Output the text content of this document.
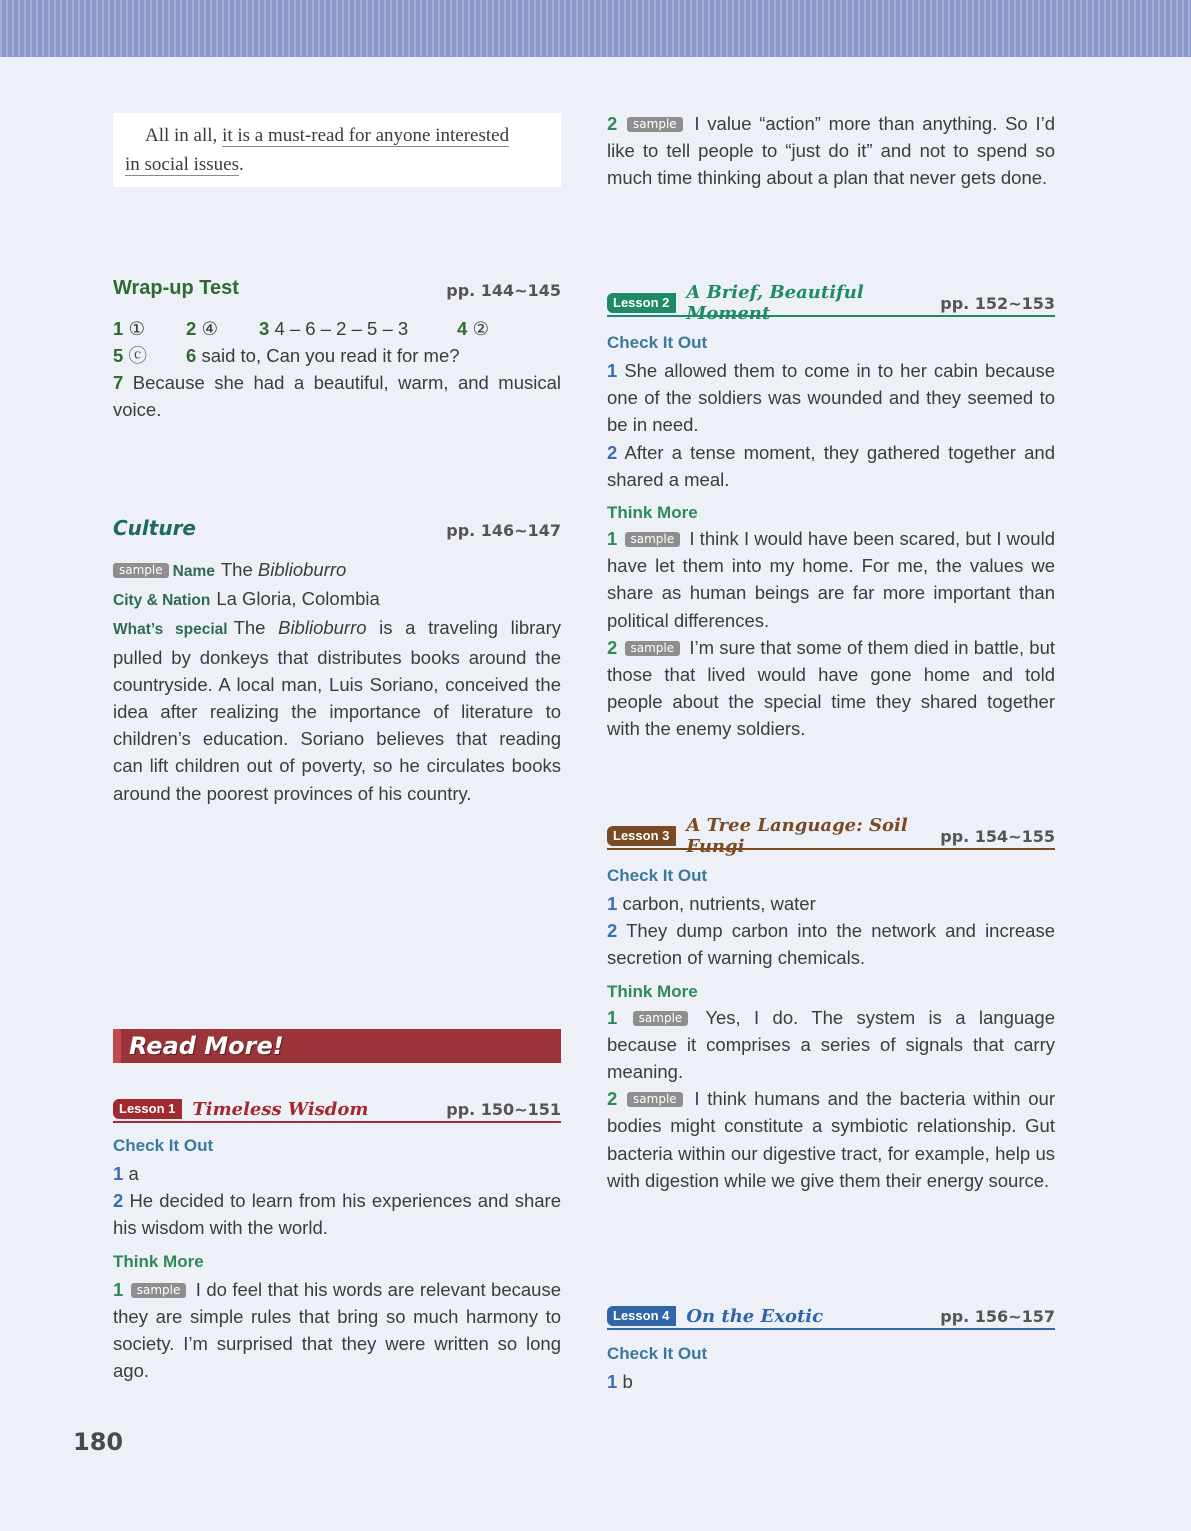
All in all, it is a must-read for anyone interested
in social issues.

2 sample I value “action” more than anything. So I’d like to tell people to “just do it” and not to spend so much time thinking about a plan that never gets done.

Wrap-up Test	pp. 144~145
1 ① 2 ④ 3 4 – 6 – 2 – 5 – 3	4 ②
5 ⓒ 6 said to, Can you read it for me?

7 Because she had a beautiful, warm, and musical voice.

Culture	pp. 146~147

sample Name The Biblioburro

City & Nation La Gloria, Colombia

What’s special The Biblioburro is a traveling library pulled by donkeys that distributes books around the countryside. A local man, Luis Soriano, conceived the idea after realizing the importance of literature to children’s education. Soriano believes that reading can lift children out of poverty, so he circulates books around the poorest provinces of his country.

Read More!
Lesson 1 Timeless Wisdom	pp. 150~151

Check It Out

1 a

2 He decided to learn from his experiences and share his wisdom with the world.

Think More

1 sample I do feel that his words are relevant because they are simple rules that bring so much harmony to society. I’m surprised that they were written so long ago.

Lesson 2 A Brief, Beautiful Moment	pp. 152~153

Check It Out

1 She allowed them to come in to her cabin because one of the soldiers was wounded and they seemed to be in need.

2 After a tense moment, they gathered together and shared a meal.

Think More

1 sample I think I would have been scared, but I would have let them into my home. For me, the values we share as human beings are far more important than political differences.

2 sample I’m sure that some of them died in battle, but those that lived would have gone home and told people about the special time they shared together with the enemy soldiers.

Lesson 3 A Tree Language: Soil Fungi	pp. 154~155

Check It Out

1 carbon, nutrients, water

2 They dump carbon into the network and increase secretion of warning chemicals.

Think More

1 sample Yes, I do. The system is a language because it comprises a series of signals that carry meaning.

2 sample I think humans and the bacteria within our bodies might constitute a symbiotic relationship. Gut bacteria within our digestive tract, for example, help us with digestion while we give them their energy source.

Lesson 4 On the Exotic	pp. 156~157

Check It Out

1 b

180
